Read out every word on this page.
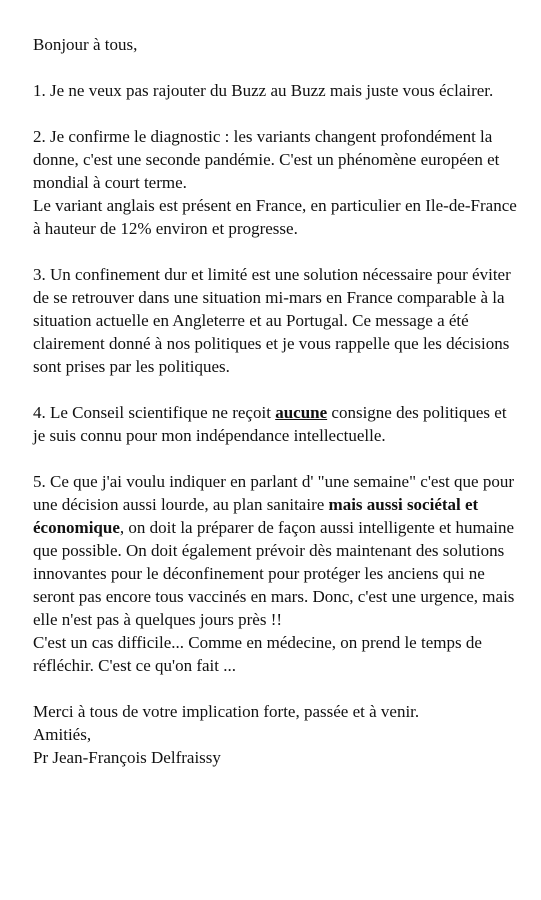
Bonjour à tous,

1. Je ne veux pas rajouter du Buzz au Buzz mais juste vous éclairer.

2. Je confirme le diagnostic : les variants changent profondément la donne, c'est une seconde pandémie. C'est un phénomène européen et mondial à court terme.

Le variant anglais est présent en France, en particulier en Ile-de-France à hauteur de 12% environ et progresse.

3. Un confinement dur et limité est une solution nécessaire pour éviter de se retrouver dans une situation mi-mars en France comparable à la situation actuelle en Angleterre et au Portugal. Ce message a été clairement donné à nos politiques et je vous rappelle que les décisions sont prises par les politiques.

4. Le Conseil scientifique ne reçoit aucune consigne des politiques et je suis connu pour mon indépendance intellectuelle.

5. Ce que j'ai voulu indiquer en parlant d' "une semaine" c'est que pour une décision aussi lourde, au plan sanitaire mais aussi sociétal et économique, on doit la préparer de façon aussi intelligente et humaine que possible. On doit également prévoir dès maintenant des solutions innovantes pour le déconfinement pour protéger les anciens qui ne seront pas encore tous vaccinés en mars. Donc, c'est une urgence, mais elle n'est pas à quelques jours près !!

C'est un cas difficile... Comme en médecine, on prend le temps de réfléchir. C'est ce qu'on fait ...

Merci à tous de votre implication forte, passée et à venir.

Amitiés,

Pr Jean-François Delfraissy
